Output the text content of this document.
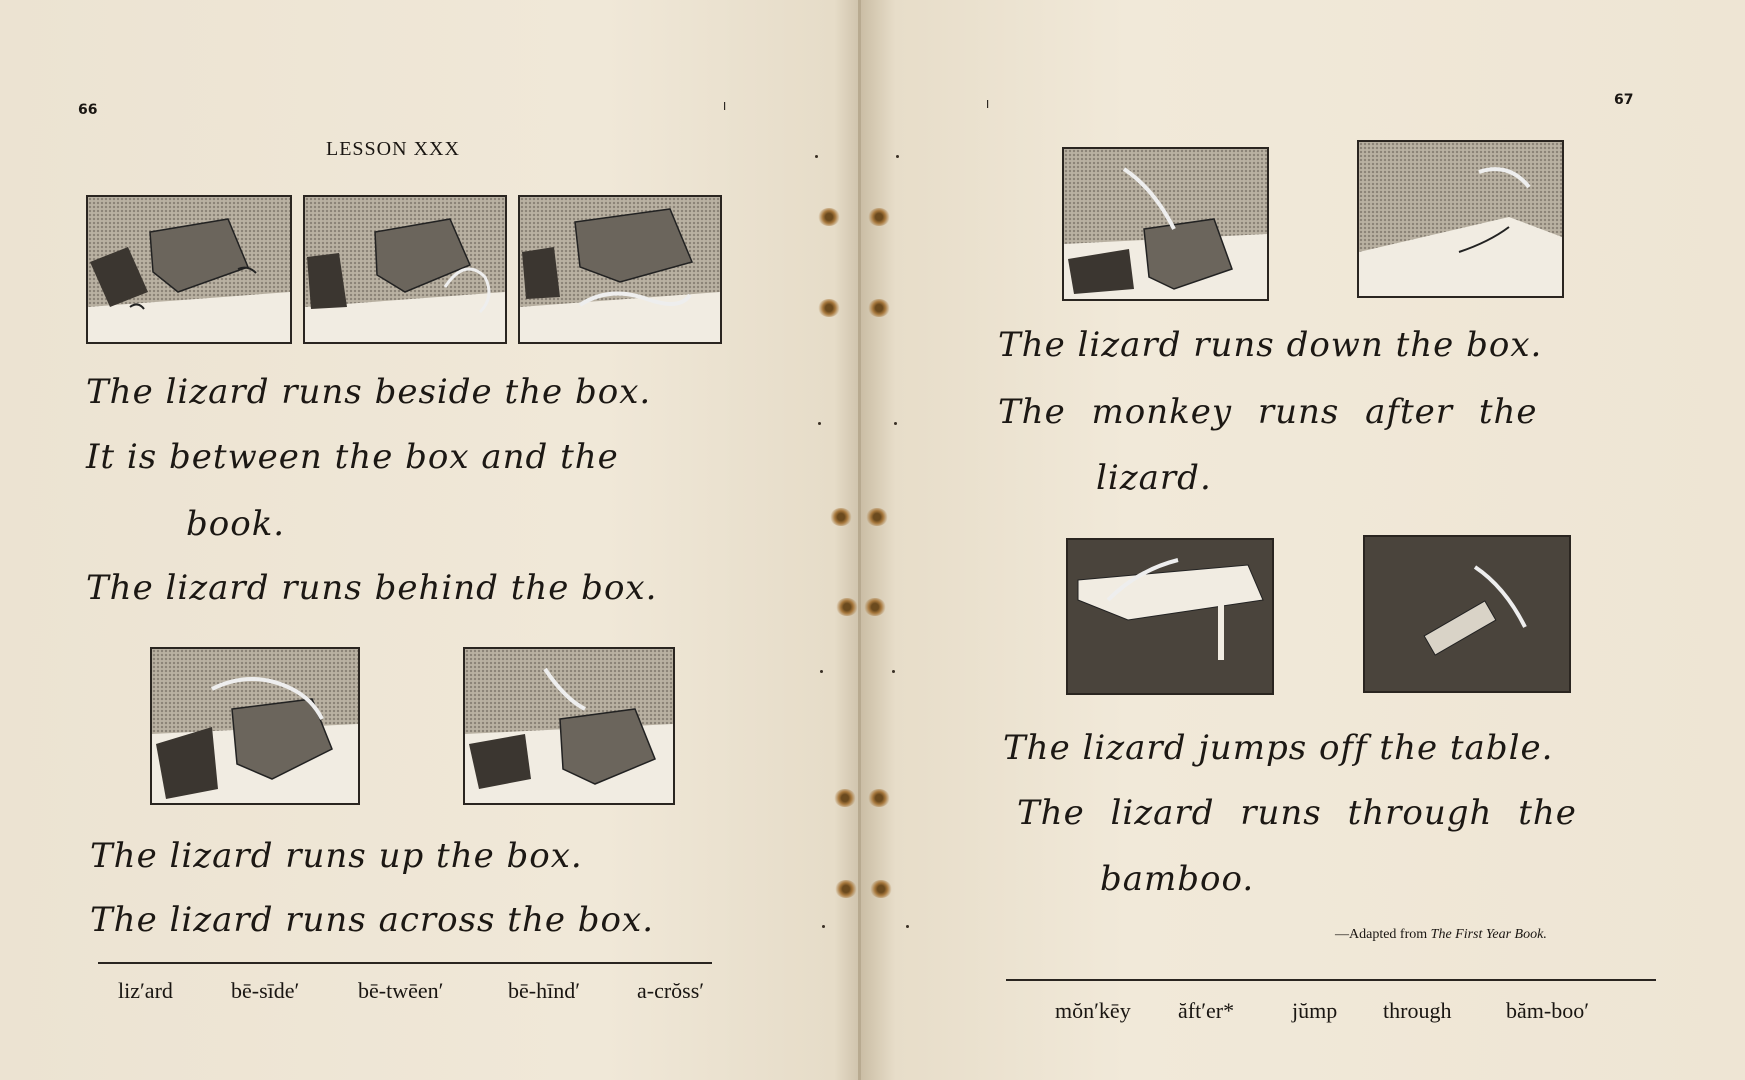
66	I
LESSON XXX
The lizard runs beside the box.
It is between the box and the
book.
The lizard runs behind the box.
The lizard runs up the box.
The lizard runs across the box.
liz′ard	bē-sīde′	bē-twēen′	bē-hīnd′	a-crŏss′
I	67
The lizard runs down the box.
The monkey runs after the
lizard.
The lizard jumps off the table.
The lizard runs through the
bamboo.
—Adapted from The First Year Book.
mŏn′kēy ăft′er*	jŭmp through băm-boo′
